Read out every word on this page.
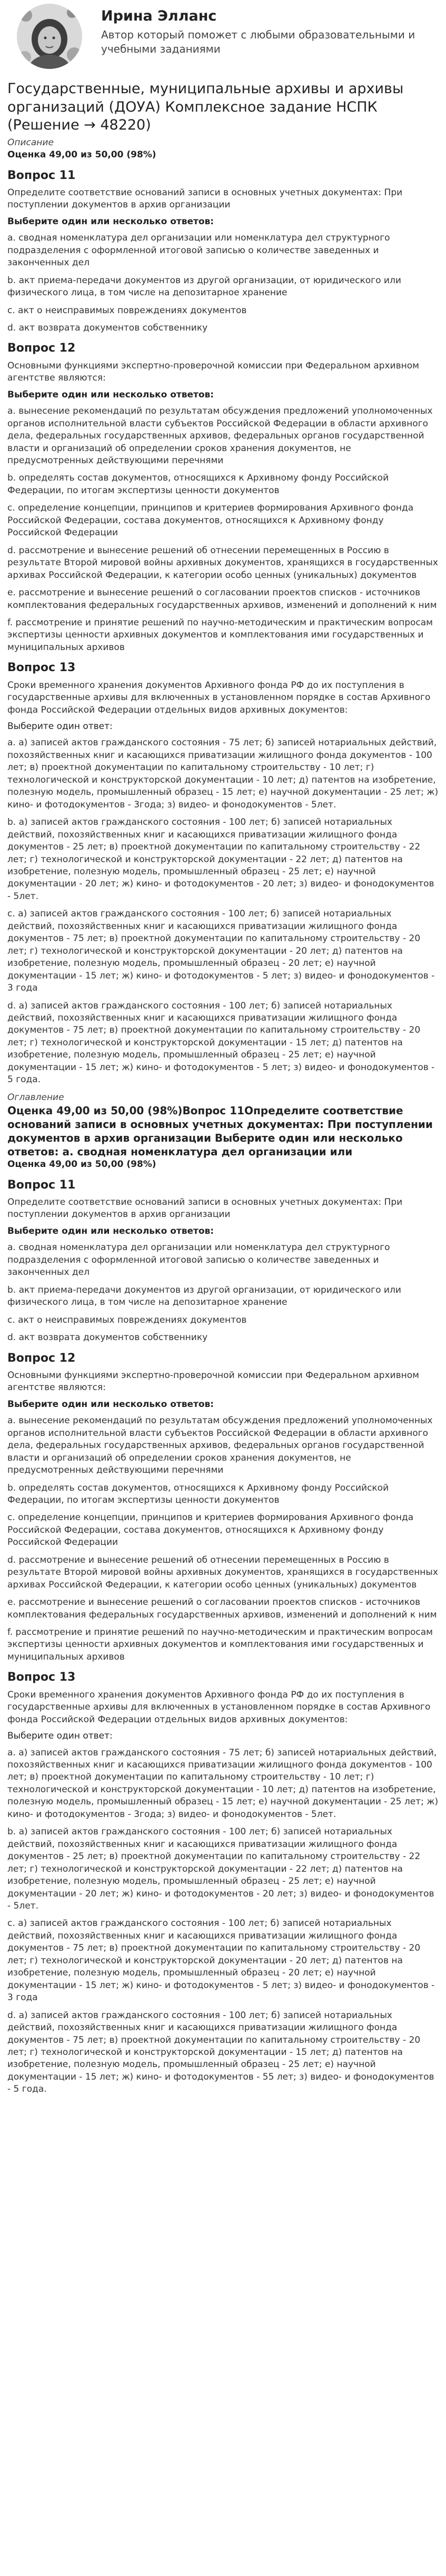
Ирина Элланс
Автор который поможет с любыми образовательными и учебными заданиями
Государственные, муниципальные архивы и архивы организаций (ДОУА) Комплексное задание НСПК (Решение → 48220)

Описание

Оценка 49,00 из 50,00 (98%)

Вопрос 11

Определите соответствие оснований записи в основных учетных документах: При поступлении документов в архив организации

Выберите один или несколько ответов:

a. сводная номенклатура дел организации или номенклатура дел структурного подразделения с оформленной итоговой записью о количестве заведенных и законченных дел

b. акт приема-передачи документов из другой организации, от юридического или физического лица, в том числе на депозитарное хранение

c. акт о неисправимых повреждениях документов

d. акт возврата документов собственнику

Вопрос 12

Основными функциями экспертно-проверочной комиссии при Федеральном архивном агентстве являются:

Выберите один или несколько ответов:

a. вынесение рекомендаций по результатам обсуждения предложений уполномоченных органов исполнительной власти субъектов Российской Федерации в области архивного дела, федеральных государственных архивов, федеральных органов государственной власти и организаций об определении сроков хранения документов, не предусмотренных действующими перечнями

b. определять состав документов, относящихся к Архивному фонду Российской Федерации, по итогам экспертизы ценности документов

c. определение концепции, принципов и критериев формирования Архивного фонда Российской Федерации, состава документов, относящихся к Архивному фонду Российской Федерации

d. рассмотрение и вынесение решений об отнесении перемещенных в Россию в результате Второй мировой войны архивных документов, хранящихся в государственных архивах Российской Федерации, к категории особо ценных (уникальных) документов

e. рассмотрение и вынесение решений о согласовании проектов списков - источников комплектования федеральных государственных архивов, изменений и дополнений к ним

f. рассмотрение и принятие решений по научно-методическим и практическим вопросам экспертизы ценности архивных документов и комплектования ими государственных и муниципальных архивов

Вопрос 13

Сроки временного хранения документов Архивного фонда РФ до их поступления в государственные архивы для включенных в установленном порядке в состав Архивного фонда Российской Федерации отдельных видов архивных документов:

Выберите один ответ:

a. a) записей актов гражданского состояния - 75 лет; б) записей нотариальных действий, похозяйственных книг и касающихся приватизации жилищного фонда документов - 100 лет; в) проектной документации по капитальному строительству - 10 лет; г) технологической и конструкторской документации - 10 лет; д) патентов на изобретение, полезную модель, промышленный образец - 15 лет; е) научной документации - 25 лет; ж) кино- и фотодокументов - 3года; з) видео- и фонодокументов - 5лет.

b. a) записей актов гражданского состояния - 100 лет; б) записей нотариальных действий, похозяйственных книг и касающихся приватизации жилищного фонда документов - 25 лет; в) проектной документации по капитальному строительству - 22 лет; г) технологической и конструкторской документации - 22 лет; д) патентов на изобретение, полезную модель, промышленный образец - 25 лет; е) научной документации - 20 лет; ж) кино- и фотодокументов - 20 лет; з) видео- и фонодокументов - 5лет.

c. a) записей актов гражданского состояния - 100 лет; б) записей нотариальных действий, похозяйственных книг и касающихся приватизации жилищного фонда документов - 75 лет; в) проектной документации по капитальному строительству - 20 лет; г) технологической и конструкторской документации - 20 лет; д) патентов на изобретение, полезную модель, промышленный образец - 20 лет; е) научной документации - 15 лет; ж) кино- и фотодокументов - 5 лет; з) видео- и фонодокументов - 3 года

d. a) записей актов гражданского состояния - 100 лет; б) записей нотариальных действий, похозяйственных книг и касающихся приватизации жилищного фонда документов - 75 лет; в) проектной документации по капитальному строительству - 20 лет; г) технологической и конструкторской документации - 15 лет; д) патентов на изобретение, полезную модель, промышленный образец - 25 лет; е) научной документации - 15 лет; ж) кино- и фотодокументов - 5 лет; з) видео- и фонодокументов - 5 года.

Оглавление

Оценка 49,00 из 50,00 (98%)Вопрос 11Определите соответствие оснований записи в основных учетных документах: При поступлении документов в архив организации Выберите один или несколько ответов: a. сводная номенклатура дел организации или

Оценка 49,00 из 50,00 (98%)

Вопрос 11

Определите соответствие оснований записи в основных учетных документах: При поступлении документов в архив организации

Выберите один или несколько ответов:

a. сводная номенклатура дел организации или номенклатура дел структурного подразделения с оформленной итоговой записью о количестве заведенных и законченных дел

b. акт приема-передачи документов из другой организации, от юридического или физического лица, в том числе на депозитарное хранение

c. акт о неисправимых повреждениях документов

d. акт возврата документов собственнику

Вопрос 12

Основными функциями экспертно-проверочной комиссии при Федеральном архивном агентстве являются:

Выберите один или несколько ответов:

a. вынесение рекомендаций по результатам обсуждения предложений уполномоченных органов исполнительной власти субъектов Российской Федерации в области архивного дела, федеральных государственных архивов, федеральных органов государственной власти и организаций об определении сроков хранения документов, не предусмотренных действующими перечнями

b. определять состав документов, относящихся к Архивному фонду Российской Федерации, по итогам экспертизы ценности документов

c. определение концепции, принципов и критериев формирования Архивного фонда Российской Федерации, состава документов, относящихся к Архивному фонду Российской Федерации

d. рассмотрение и вынесение решений об отнесении перемещенных в Россию в результате Второй мировой войны архивных документов, хранящихся в государственных архивах Российской Федерации, к категории особо ценных (уникальных) документов

e. рассмотрение и вынесение решений о согласовании проектов списков - источников комплектования федеральных государственных архивов, изменений и дополнений к ним

f. рассмотрение и принятие решений по научно-методическим и практическим вопросам экспертизы ценности архивных документов и комплектования ими государственных и муниципальных архивов

Вопрос 13

Сроки временного хранения документов Архивного фонда РФ до их поступления в государственные архивы для включенных в установленном порядке в состав Архивного фонда Российской Федерации отдельных видов архивных документов:

Выберите один ответ:

a. a) записей актов гражданского состояния - 75 лет; б) записей нотариальных действий, похозяйственных книг и касающихся приватизации жилищного фонда документов - 100 лет; в) проектной документации по капитальному строительству - 10 лет; г) технологической и конструкторской документации - 10 лет; д) патентов на изобретение, полезную модель, промышленный образец - 15 лет; е) научной документации - 25 лет; ж) кино- и фотодокументов - 3года; з) видео- и фонодокументов - 5лет.

b. a) записей актов гражданского состояния - 100 лет; б) записей нотариальных действий, похозяйственных книг и касающихся приватизации жилищного фонда документов - 25 лет; в) проектной документации по капитальному строительству - 22 лет; г) технологической и конструкторской документации - 22 лет; д) патентов на изобретение, полезную модель, промышленный образец - 25 лет; е) научной документации - 20 лет; ж) кино- и фотодокументов - 20 лет; з) видео- и фонодокументов - 5лет.

c. a) записей актов гражданского состояния - 100 лет; б) записей нотариальных действий, похозяйственных книг и касающихся приватизации жилищного фонда документов - 75 лет; в) проектной документации по капитальному строительству - 20 лет; г) технологической и конструкторской документации - 20 лет; д) патентов на изобретение, полезную модель, промышленный образец - 20 лет; е) научной документации - 15 лет; ж) кино- и фотодокументов - 5 лет; з) видео- и фонодокументов - 3 года

d. a) записей актов гражданского состояния - 100 лет; б) записей нотариальных действий, похозяйственных книг и касающихся приватизации жилищного фонда документов - 75 лет; в) проектной документации по капитальному строительству - 20 лет; г) технологической и конструкторской документации - 15 лет; д) патентов на изобретение, полезную модель, промышленный образец - 25 лет; е) научной документации - 15 лет; ж) кино- и фотодокументов - 55 лет; з) видео- и фонодокументов - 5 года.
